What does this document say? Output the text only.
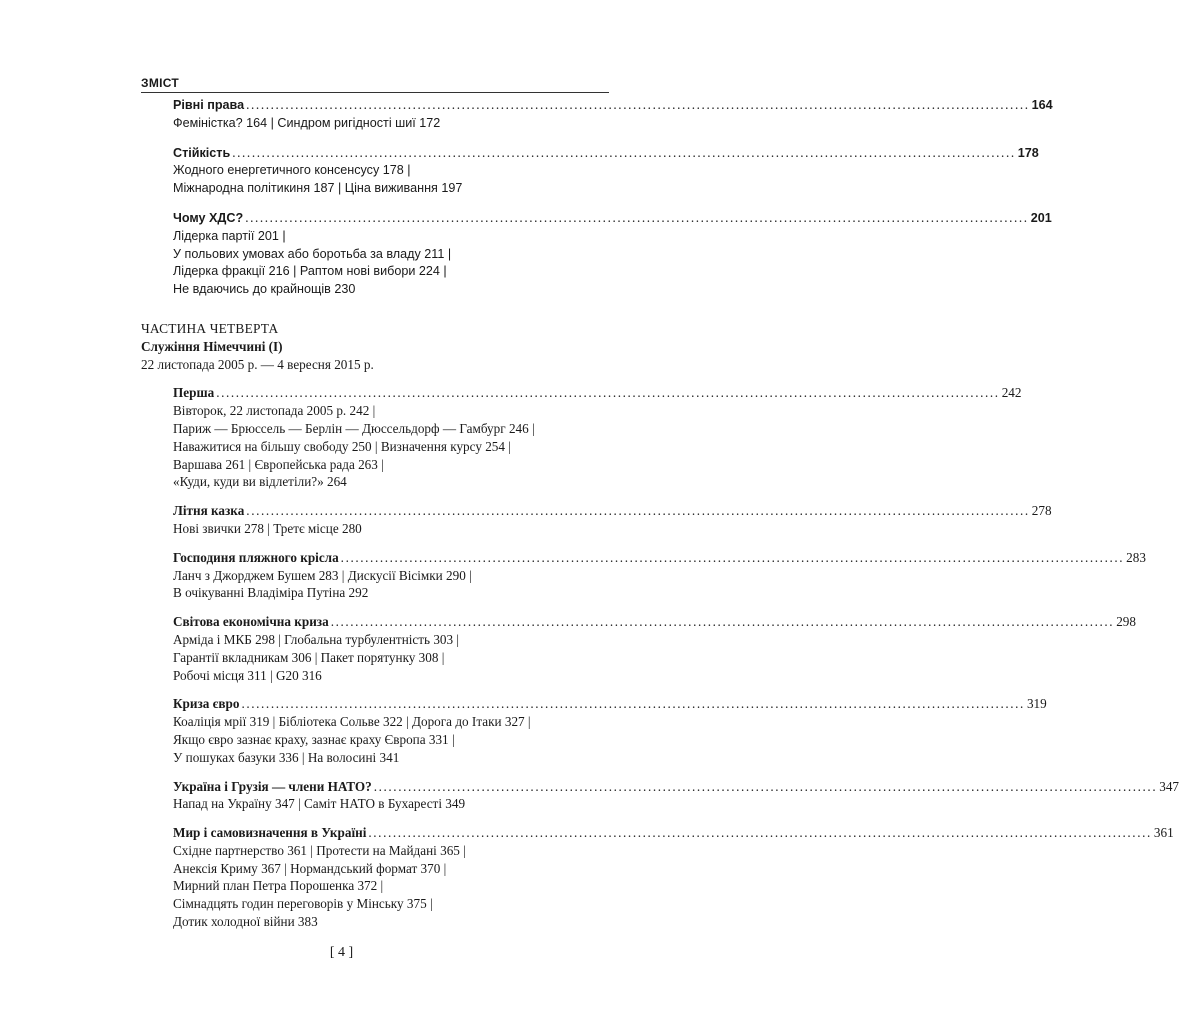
ЗМІСТ
Рівні права ................................................................................................................................................................ 164
Феміністка? 164 | Синдром ригідності шиї 172
Стійкість ................................................................................................................................................................ 178
Жодного енергетичного консенсусу 178 |
Міжнародна політикиня 187 | Ціна виживання 197
Чому ХДС? ................................................................................................................................................................ 201
Лідерка партії 201 |
У польових умовах або боротьба за владу 211 |
Лідерка фракції 216 | Раптом нові вибори 224 |
Не вдаючись до крайнощів 230
ЧАСТИНА ЧЕТВЕРТА
Служіння Німеччині (I)
22 листопада 2005 р. — 4 вересня 2015 р.
Перша ................................................................................................................................................................ 242
Вівторок, 22 листопада 2005 р. 242 |
Париж — Брюссель — Берлін — Дюссельдорф — Гамбург 246 |
Наважитися на більшу свободу 250 | Визначення курсу 254 |
Варшава 261 | Європейська рада 263 |
«Куди, куди ви відлетіли?» 264
Літня казка ................................................................................................................................................................ 278
Нові звички 278 | Третє місце 280
Господиня пляжного крісла ................................................................................................................................................................ 283
Ланч з Джорджем Бушем 283 | Дискусії Вісімки 290 |
В очікуванні Владіміра Путіна 292
Світова економічна криза ................................................................................................................................................................ 298
Арміда і МКБ 298 | Глобальна турбулентність 303 |
Гарантії вкладникам 306 | Пакет порятунку 308 |
Робочі місця 311 | G20 316
Криза євро ................................................................................................................................................................ 319
Коаліція мрії 319 | Бібліотека Сольве 322 | Дорога до Ітаки 327 |
Якщо євро зазнає краху, зазнає краху Європа 331 |
У пошуках базуки 336 | На волосині 341
Україна і Грузія — члени НАТО? ................................................................................................................................................................ 347
Напад на Україну 347 | Саміт НАТО в Бухаресті 349
Мир і самовизначення в Україні ................................................................................................................................................................ 361
Східне партнерство 361 | Протести на Майдані 365 |
Анексія Криму 367 | Нормандський формат 370 |
Мирний план Петра Порошенка 372 |
Сімнадцять годин переговорів у Мінську 375 |
Дотик холодної війни 383
[ 4 ]
